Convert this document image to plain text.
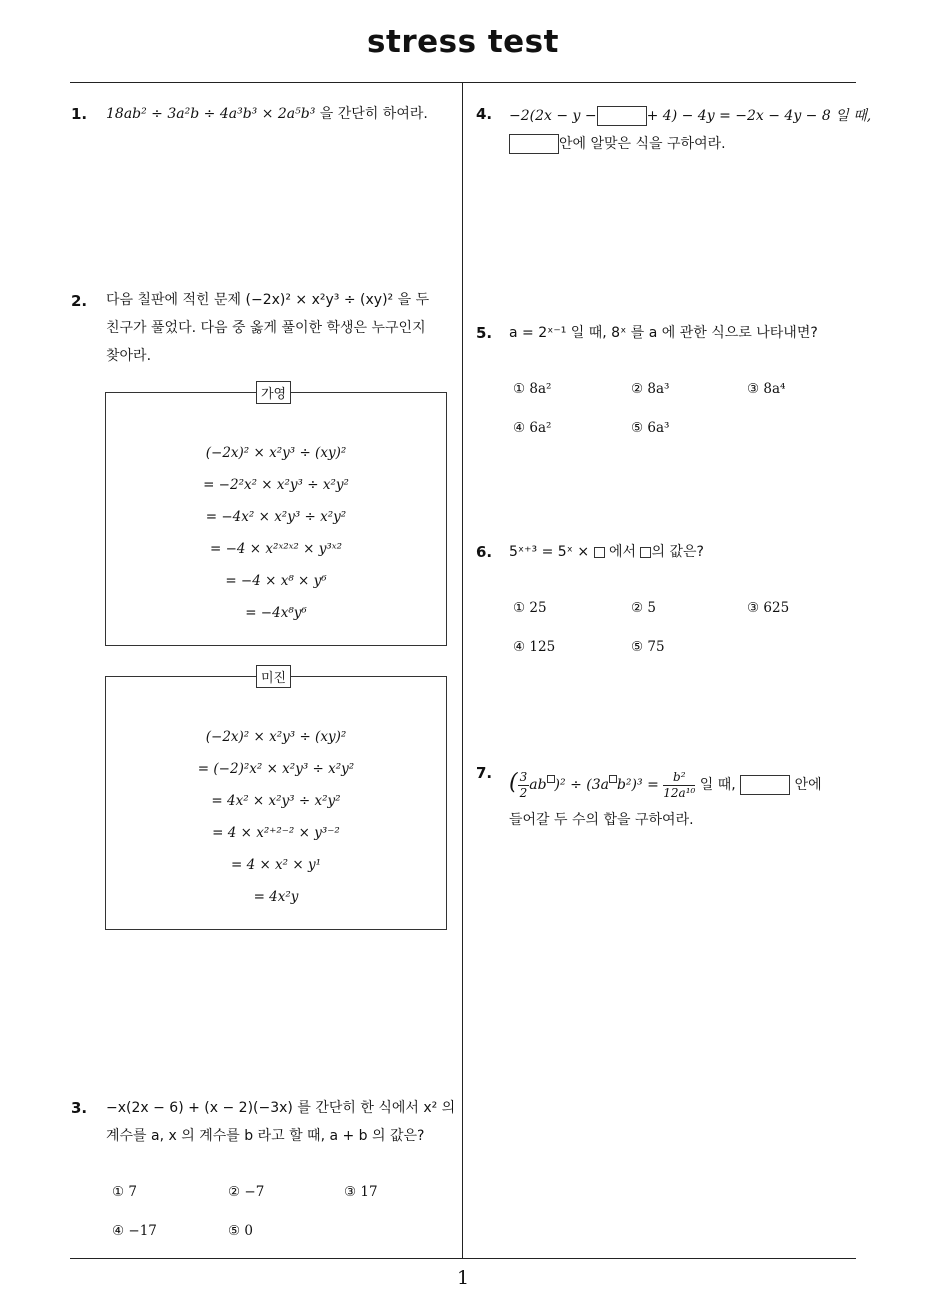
stress test
1
1. 18ab² ÷ 3a²b ÷ 4a³b³ × 2a⁵b³ 을 간단히 하여라.
2. 다음 칠판에 적힌 문제 (−2x)² × x²y³ ÷ (xy)² 을 두
친구가 풀었다. 다음 중 옳게 풀이한 학생은 누구인지
찾아라.
가영
(−2x)² × x²y³ ÷ (xy)²
= −2²x² × x²y³ ÷ x²y²
= −4x² × x²y³ ÷ x²y²
= −4 × x²ˣ²ˣ² × y³ˣ²
= −4 × x⁸ × y⁶
= −4x⁸y⁶
미진
(−2x)² × x²y³ ÷ (xy)²
= (−2)²x² × x²y³ ÷ x²y²
= 4x² × x²y³ ÷ x²y²
= 4 × x²⁺²⁻² × y³⁻²
= 4 × x² × y¹
= 4x²y
3. −x(2x − 6) + (x − 2)(−3x) 를 간단히 한 식에서 x² 의
계수를 a, x 의 계수를 b 라고 할 때, a + b 의 값은?
① 7	② −7	③ 17
④ −17	⑤ 0
4. −2(2x − y −	+ 4) − 4y = −2x − 4y − 8 일 때,
안에 알맞은 식을 구하여라.
5. a = 2ˣ⁻¹ 일 때, 8ˣ 를 a 에 관한 식으로 나타내면?
① 8a²	② 8a³	③ 8a⁴
④ 6a²	⑤ 6a³
6. 5ˣ⁺³ = 5ˣ × 에서 의 값은?
① 25	② 5	③ 625
④ 125	⑤ 75
7. ( $\frac{3}{2}$ ab )² ÷ (3a $b^2)^3 = \frac{\text{b²}}{\text{12a¹⁰}}$ 일 때,	안에
들어갈 두 수의 합을 구하여라.
